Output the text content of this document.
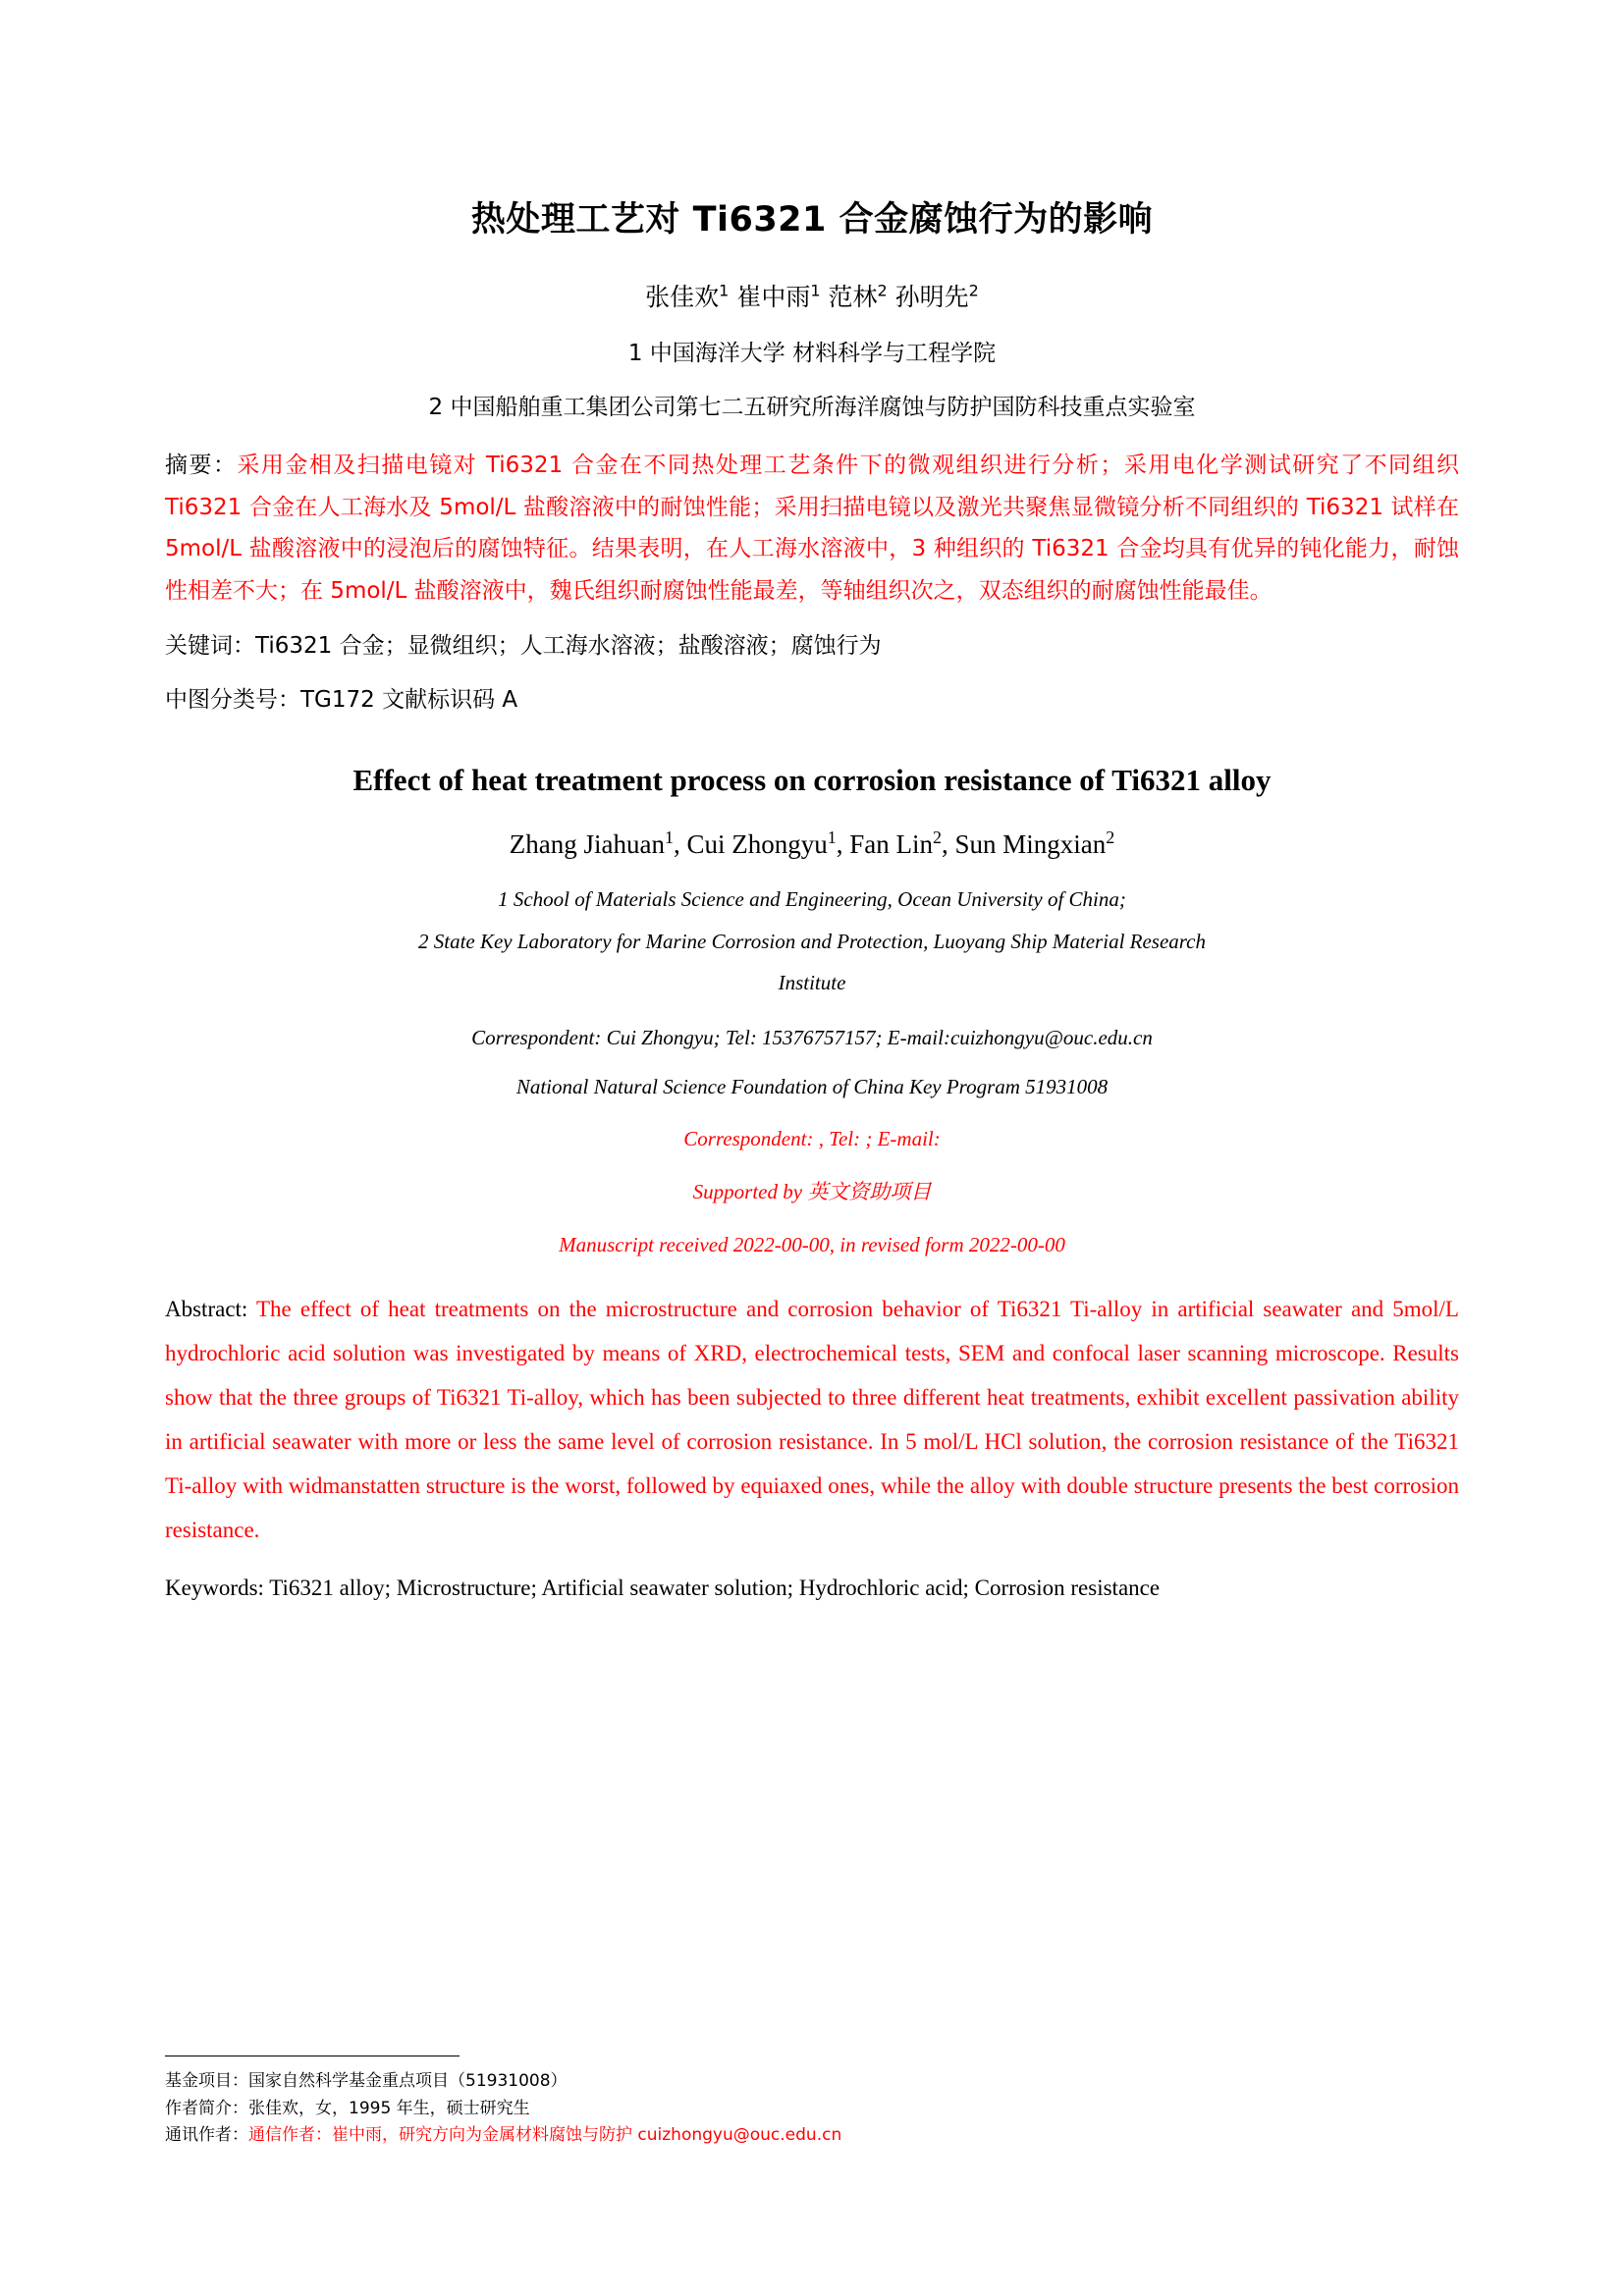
热处理工艺对 Ti6321 合金腐蚀行为的影响
张佳欢$^1$ 崔中雨$^1$ 范林$^2$ 孙明先$^2$
1 中国海洋大学 材料科学与工程学院
2 中国船舶重工集团公司第七二五研究所海洋腐蚀与防护国防科技重点实验室
摘要：采用金相及扫描电镜对 Ti6321 合金在不同热处理工艺条件下的微观组织进行分析；采用电化学测试研究了不同组织 Ti6321 合金在人工海水及 5mol/L 盐酸溶液中的耐蚀性能；采用扫描电镜以及激光共聚焦显微镜分析不同组织的 Ti6321 试样在 5mol/L 盐酸溶液中的浸泡后的腐蚀特征。结果表明，在人工海水溶液中，3 种组织的 Ti6321 合金均具有优异的钝化能力，耐蚀性相差不大；在 5mol/L 盐酸溶液中，魏氏组织耐腐蚀性能最差，等轴组织次之，双态组织的耐腐蚀性能最佳。
关键词：Ti6321 合金；显微组织；人工海水溶液；盐酸溶液；腐蚀行为
中图分类号：TG172 文献标识码 A
Effect of heat treatment process on corrosion resistance of Ti6321 alloy
Zhang Jiahuan$^1$, Cui Zhongyu$^1$, Fan Lin$^2$, Sun Mingxian$^2$
1 School of Materials Science and Engineering, Ocean University of China;
2 State Key Laboratory for Marine Corrosion and Protection, Luoyang Ship Material Research
Institute
Correspondent: Cui Zhongyu; Tel: 15376757157; E-mail:cuizhongyu@ouc.edu.cn
National Natural Science Foundation of China Key Program 51931008
Correspondent: , Tel: ; E-mail:
Supported by 英文资助项目
Manuscript received 2022-00-00, in revised form 2022-00-00
Abstract: The effect of heat treatments on the microstructure and corrosion behavior of Ti6321 Ti-alloy in artificial seawater and 5mol/L hydrochloric acid solution was investigated by means of XRD, electrochemical tests, SEM and confocal laser scanning microscope. Results show that the three groups of Ti6321 Ti-alloy, which has been subjected to three different heat treatments, exhibit excellent passivation ability in artificial seawater with more or less the same level of corrosion resistance. In 5 mol/L HCl solution, the corrosion resistance of the Ti6321 Ti-alloy with widmanstatten structure is the worst, followed by equiaxed ones, while the alloy with double structure presents the best corrosion resistance.
Keywords: Ti6321 alloy; Microstructure; Artificial seawater solution; Hydrochloric acid; Corrosion resistance
基金项目：国家自然科学基金重点项目（51931008）
作者简介：张佳欢，女，1995 年生，硕士研究生
通讯作者：通信作者：崔中雨，研究方向为金属材料腐蚀与防护 cuizhongyu@ouc.edu.cn
